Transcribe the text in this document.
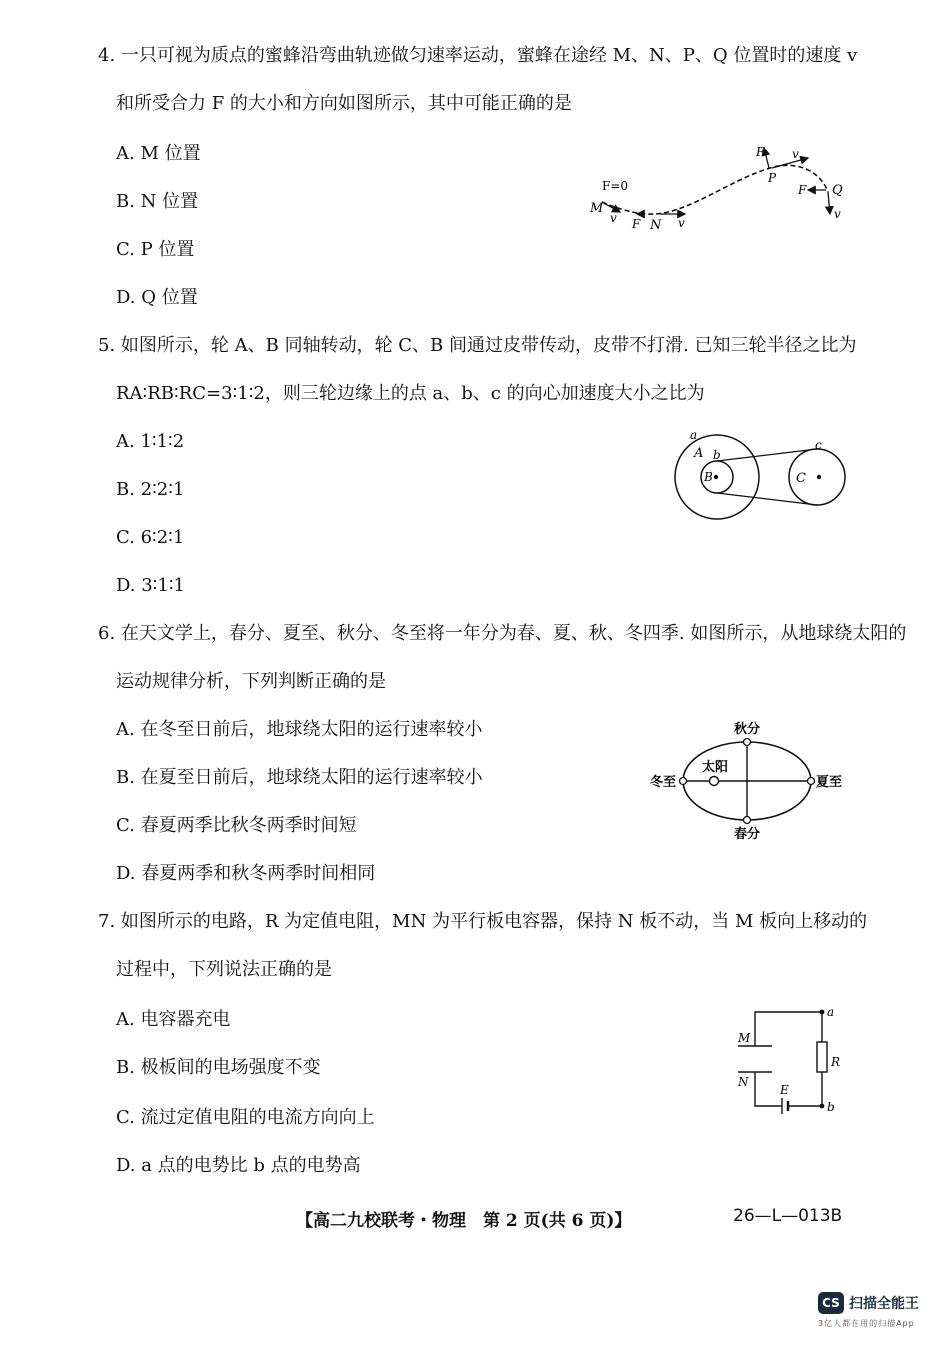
4. 一只可视为质点的蜜蜂沿弯曲轨迹做匀速率运动，蜜蜂在途经 M、N、P、Q 位置时的速度 v
和所受合力 F 的大小和方向如图所示，其中可能正确的是
A. M 位置
B. N 位置
C. P 位置
D. Q 位置
F=0
M
v F N v
F
P
v
F Q
v
5. 如图所示，轮 A、B 同轴转动，轮 C、B 间通过皮带传动，皮带不打滑. 已知三轮半径之比为
RA∶RB∶RC=3∶1∶2，则三轮边缘上的点 a、b、c 的向心加速度大小之比为
A. 1∶1∶2
B. 2∶2∶1
C. 6∶2∶1
D. 3∶1∶1
a
A b
B	C
c
6. 在天文学上，春分、夏至、秋分、冬至将一年分为春、夏、秋、冬四季. 如图所示，从地球绕太阳的
运动规律分析，下列判断正确的是
A. 在冬至日前后，地球绕太阳的运行速率较小
B. 在夏至日前后，地球绕太阳的运行速率较小
C. 春夏两季比秋冬两季时间短
D. 春夏两季和秋冬两季时间相同
秋分
冬至
太阳
夏至
春分
7. 如图所示的电路，R 为定值电阻，MN 为平行板电容器，保持 N 板不动，当 M 板向上移动的
过程中，下列说法正确的是
A. 电容器充电
B. 极板间的电场强度不变
C. 流过定值电阻的电流方向向上
D. a 点的电势比 b 点的电势高
M
N
E
R
a
b
【高二九校联考・物理　第 2 页(共 6 页)】	26—L—013B
CS 扫描全能王
3亿人都在用的扫描App
